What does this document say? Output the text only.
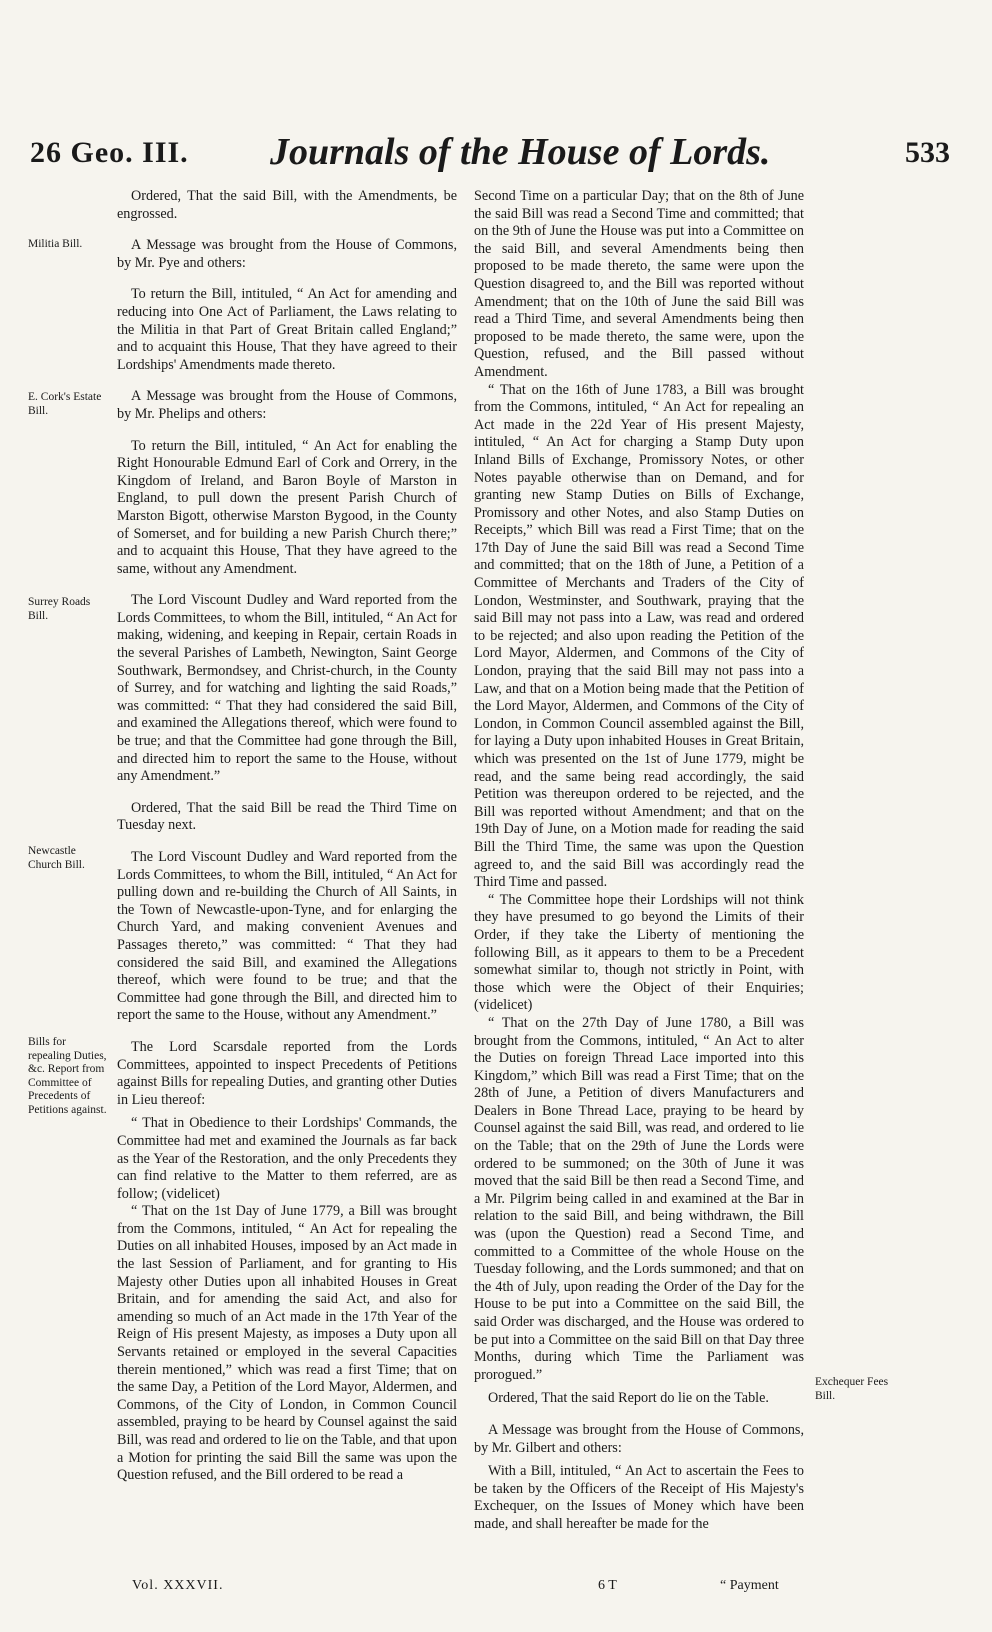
26 Geo. III. Journals of the House of Lords.	533
Militia Bill.
E. Cork's Estate Bill.
Surrey Roads Bill.
Newcastle Church Bill.
Bills for repealing Duties, &c. Report from Committee of Precedents of Petitions against.
Exchequer Fees Bill.

Ordered, That the said Bill, with the Amendments, be engrossed.

A Message was brought from the House of Commons, by Mr. Pye and others:

To return the Bill, intituled, “ An Act for amending and reducing into One Act of Parliament, the Laws relating to the Militia in that Part of Great Britain called England;” and to acquaint this House, That they have agreed to their Lordships' Amendments made thereto.

A Message was brought from the House of Commons, by Mr. Phelips and others:

To return the Bill, intituled, “ An Act for enabling the Right Honourable Edmund Earl of Cork and Orrery, in the Kingdom of Ireland, and Baron Boyle of Marston in England, to pull down the present Parish Church of Marston Bigott, otherwise Marston Bygood, in the County of Somerset, and for building a new Parish Church there;” and to acquaint this House, That they have agreed to the same, without any Amendment.

The Lord Viscount Dudley and Ward reported from the Lords Committees, to whom the Bill, intituled, “ An Act for making, widening, and keeping in Repair, certain Roads in the several Parishes of Lambeth, Newington, Saint George Southwark, Bermondsey, and Christ-church, in the County of Surrey, and for watching and lighting the said Roads,” was committed: “ That they had considered the said Bill, and examined the Allegations thereof, which were found to be true; and that the Committee had gone through the Bill, and directed him to report the same to the House, without any Amendment.”

Ordered, That the said Bill be read the Third Time on Tuesday next.

The Lord Viscount Dudley and Ward reported from the Lords Committees, to whom the Bill, intituled, “ An Act for pulling down and re-building the Church of All Saints, in the Town of Newcastle-upon-Tyne, and for enlarging the Church Yard, and making convenient Avenues and Passages thereto,” was committed: “ That they had considered the said Bill, and examined the Allegations thereof, which were found to be true; and that the Committee had gone through the Bill, and directed him to report the same to the House, without any Amendment.”

The Lord Scarsdale reported from the Lords Committees, appointed to inspect Precedents of Petitions against Bills for repealing Duties, and granting other Duties in Lieu thereof:

“ That in Obedience to their Lordships' Commands, the Committee had met and examined the Journals as far back as the Year of the Restoration, and the only Precedents they can find relative to the Matter to them referred, are as follow; (videlicet)

“ That on the 1st Day of June 1779, a Bill was brought from the Commons, intituled, “ An Act for repealing the Duties on all inhabited Houses, imposed by an Act made in the last Session of Parliament, and for granting to His Majesty other Duties upon all inhabited Houses in Great Britain, and for amending the said Act, and also for amending so much of an Act made in the 17th Year of the Reign of His present Majesty, as imposes a Duty upon all Servants retained or employed in the several Capacities therein mentioned,” which was read a first Time; that on the same Day, a Petition of the Lord Mayor, Aldermen, and Commons, of the City of London, in Common Council assembled, praying to be heard by Counsel against the said Bill, was read and ordered to lie on the Table, and that upon a Motion for printing the said Bill the same was upon the Question refused, and the Bill ordered to be read a

Second Time on a particular Day; that on the 8th of June the said Bill was read a Second Time and committed; that on the 9th of June the House was put into a Committee on the said Bill, and several Amendments being then proposed to be made thereto, the same were upon the Question disagreed to, and the Bill was reported without Amendment; that on the 10th of June the said Bill was read a Third Time, and several Amendments being then proposed to be made thereto, the same were, upon the Question, refused, and the Bill passed without Amendment.

“ That on the 16th of June 1783, a Bill was brought from the Commons, intituled, “ An Act for repealing an Act made in the 22d Year of His present Majesty, intituled, “ An Act for charging a Stamp Duty upon Inland Bills of Exchange, Promissory Notes, or other Notes payable otherwise than on Demand, and for granting new Stamp Duties on Bills of Exchange, Promissory and other Notes, and also Stamp Duties on Receipts,” which Bill was read a First Time; that on the 17th Day of June the said Bill was read a Second Time and committed; that on the 18th of June, a Petition of a Committee of Merchants and Traders of the City of London, Westminster, and Southwark, praying that the said Bill may not pass into a Law, was read and ordered to be rejected; and also upon reading the Petition of the Lord Mayor, Aldermen, and Commons of the City of London, praying that the said Bill may not pass into a Law, and that on a Motion being made that the Petition of the Lord Mayor, Aldermen, and Commons of the City of London, in Common Council assembled against the Bill, for laying a Duty upon inhabited Houses in Great Britain, which was presented on the 1st of June 1779, might be read, and the same being read accordingly, the said Petition was thereupon ordered to be rejected, and the Bill was reported without Amendment; and that on the 19th Day of June, on a Motion made for reading the said Bill the Third Time, the same was upon the Question agreed to, and the said Bill was accordingly read the Third Time and passed.

“ The Committee hope their Lordships will not think they have presumed to go beyond the Limits of their Order, if they take the Liberty of mentioning the following Bill, as it appears to them to be a Precedent somewhat similar to, though not strictly in Point, with those which were the Object of their Enquiries; (videlicet)

“ That on the 27th Day of June 1780, a Bill was brought from the Commons, intituled, “ An Act to alter the Duties on foreign Thread Lace imported into this Kingdom,” which Bill was read a First Time; that on the 28th of June, a Petition of divers Manufacturers and Dealers in Bone Thread Lace, praying to be heard by Counsel against the said Bill, was read, and ordered to lie on the Table; that on the 29th of June the Lords were ordered to be summoned; on the 30th of June it was moved that the said Bill be then read a Second Time, and a Mr. Pilgrim being called in and examined at the Bar in relation to the said Bill, and being withdrawn, the Bill was (upon the Question) read a Second Time, and committed to a Committee of the whole House on the Tuesday following, and the Lords summoned; and that on the 4th of July, upon reading the Order of the Day for the House to be put into a Committee on the said Bill, the said Order was discharged, and the House was ordered to be put into a Committee on the said Bill on that Day three Months, during which Time the Parliament was prorogued.”

Ordered, That the said Report do lie on the Table.

A Message was brought from the House of Commons, by Mr. Gilbert and others:

With a Bill, intituled, “ An Act to ascertain the Fees to be taken by the Officers of the Receipt of His Majesty's Exchequer, on the Issues of Money which have been made, and shall hereafter be made for the

Vol. XXXVII.	6 T	“ Payment
